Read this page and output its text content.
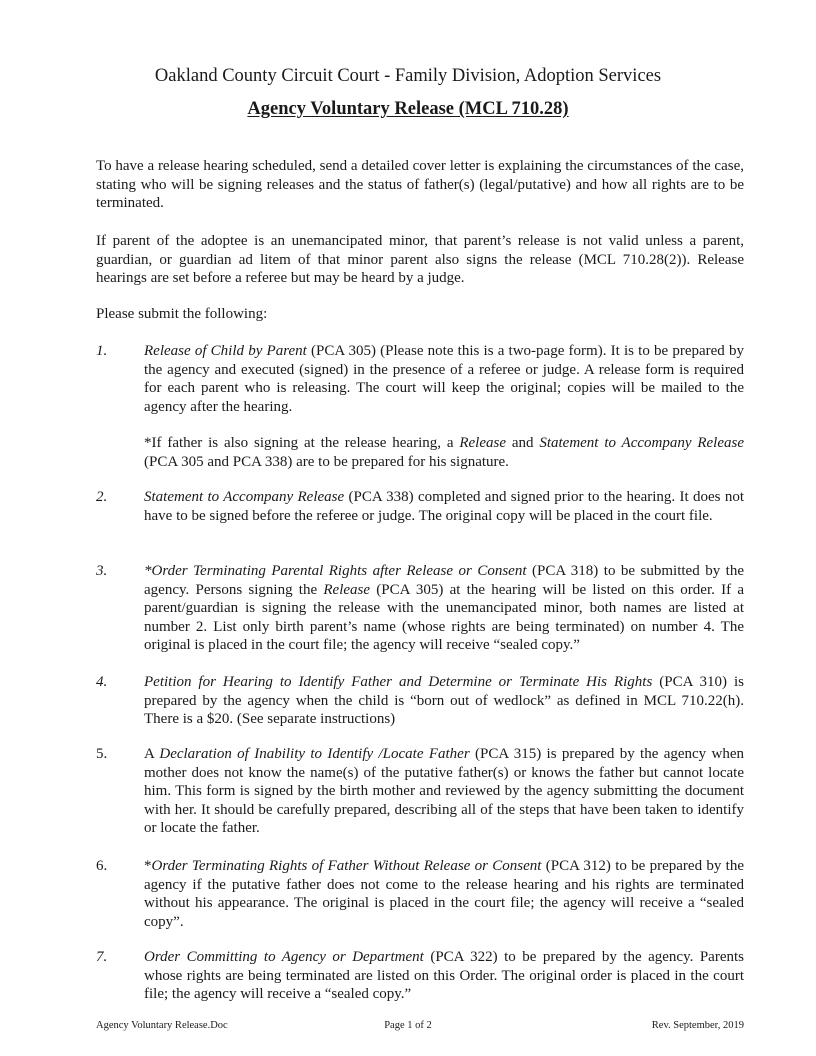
Oakland County Circuit Court - Family Division, Adoption Services
Agency Voluntary Release (MCL 710.28)

To have a release hearing scheduled, send a detailed cover letter is explaining the circumstances of the case, stating who will be signing releases and the status of father(s) (legal/putative) and how all rights are to be terminated.

If parent of the adoptee is an unemancipated minor, that parent’s release is not valid unless a parent, guardian, or guardian ad litem of that minor parent also signs the release (MCL 710.28(2)). Release hearings are set before a referee but may be heard by a judge.

Please submit the following:

1.	Release of Child by Parent (PCA 305) (Please note this is a two-page form). It is to be prepared by the agency and executed (signed) in the presence of a referee or judge. A release form is required for each parent who is releasing. The court will keep the original; copies will be mailed to the agency after the hearing.
*If father is also signing at the release hearing, a Release and Statement to Accompany Release (PCA 305 and PCA 338) are to be prepared for his signature.
2.	Statement to Accompany Release (PCA 338) completed and signed prior to the hearing. It does not have to be signed before the referee or judge. The original copy will be placed in the court file.
3.	*Order Terminating Parental Rights after Release or Consent (PCA 318) to be submitted by the agency. Persons signing the Release (PCA 305) at the hearing will be listed on this order. If a parent/guardian is signing the release with the unemancipated minor, both names are listed at number 2. List only birth parent’s name (whose rights are being terminated) on number 4. The original is placed in the court file; the agency will receive “sealed copy.”
4.	Petition for Hearing to Identify Father and Determine or Terminate His Rights (PCA 310) is prepared by the agency when the child is “born out of wedlock” as defined in MCL 710.22(h). There is a $20. (See separate instructions)
5.	A Declaration of Inability to Identify /Locate Father (PCA 315) is prepared by the agency when mother does not know the name(s) of the putative father(s) or knows the father but cannot locate him. This form is signed by the birth mother and reviewed by the agency submitting the document with her. It should be carefully prepared, describing all of the steps that have been taken to identify or locate the father.
6.	*Order Terminating Rights of Father Without Release or Consent (PCA 312) to be prepared by the agency if the putative father does not come to the release hearing and his rights are terminated without his appearance. The original is placed in the court file; the agency will receive a “sealed copy”.
7.	Order Committing to Agency or Department (PCA 322) to be prepared by the agency. Parents whose rights are being terminated are listed on this Order. The original order is placed in the court file; the agency will receive a “sealed copy.”
Agency Voluntary Release.Doc	Page 1 of 2	Rev. September, 2019
